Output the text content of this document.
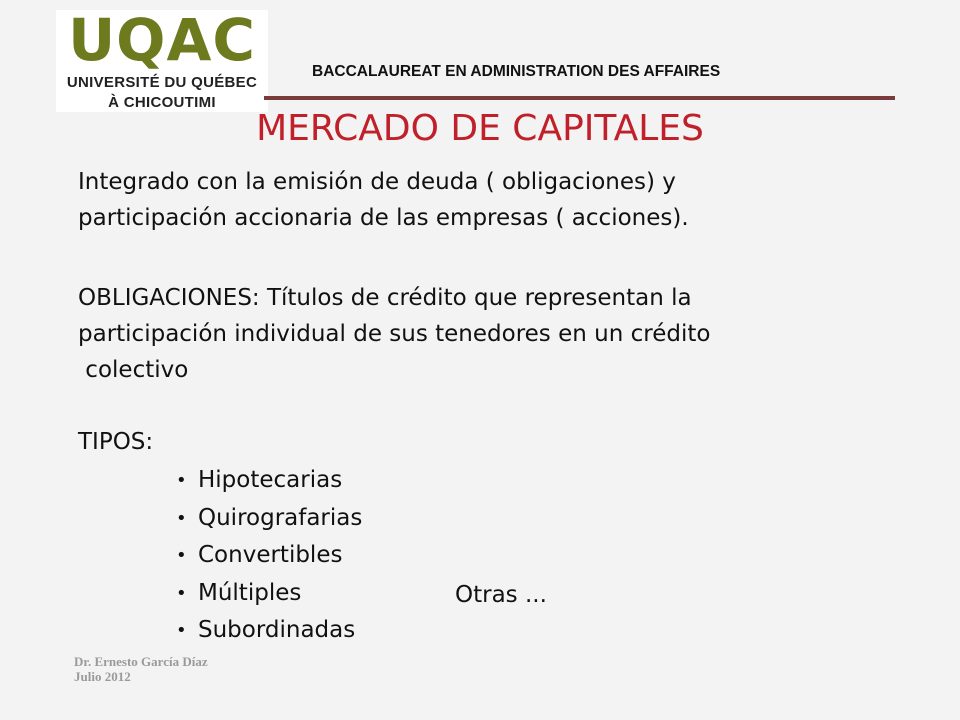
UQAC
UNIVERSITÉ DU QUÉBEC
À CHICOUTIMI
BACCALAUREAT EN ADMINISTRATION DES AFFAIRES
MERCADO DE CAPITALES
Integrado con la emisión de deuda ( obligaciones) y
participación accionaria de las empresas ( acciones).
OBLIGACIONES: Títulos de crédito que representan la
participación individual de sus tenedores en un crédito
colectivo
TIPOS:
• Hipotecarias
• Quirografarias
• Convertibles
• Múltiples
• Subordinadas
Otras ...
Dr. Ernesto García Díaz
Julio 2012
